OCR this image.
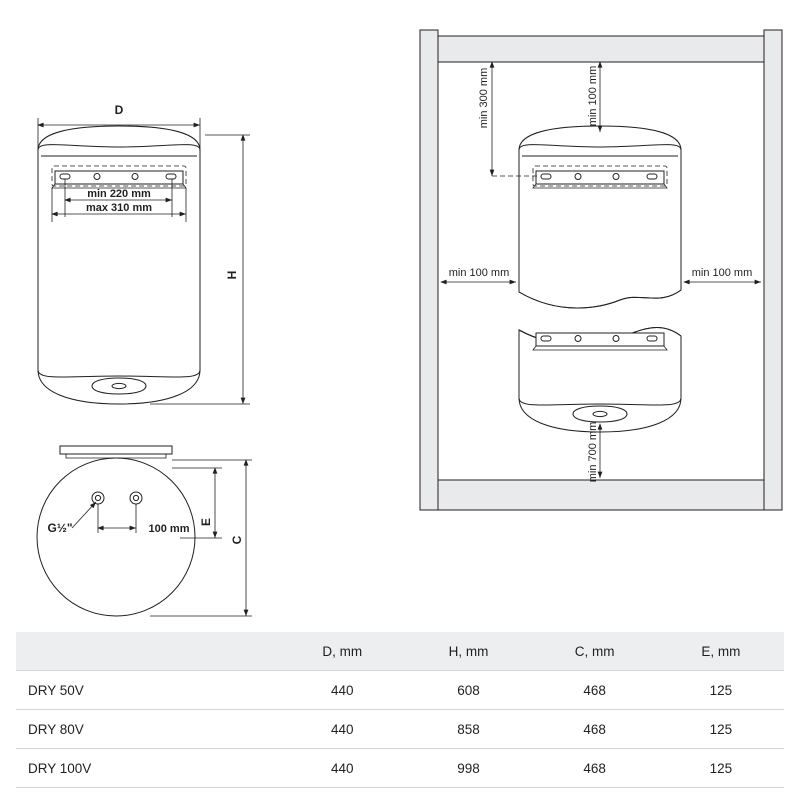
D
H
min 220 mm
max 310 mm
G½"	100 mm
E
C
min 300 mm	min 100 mm
min 100 mm	min 100 mm
min 700 mm
	D, mm	H, mm	C, mm	E, mm
DRY 50V	440	608	468	125
DRY 80V	440	858	468	125
DRY 100V	440	998	468	125
